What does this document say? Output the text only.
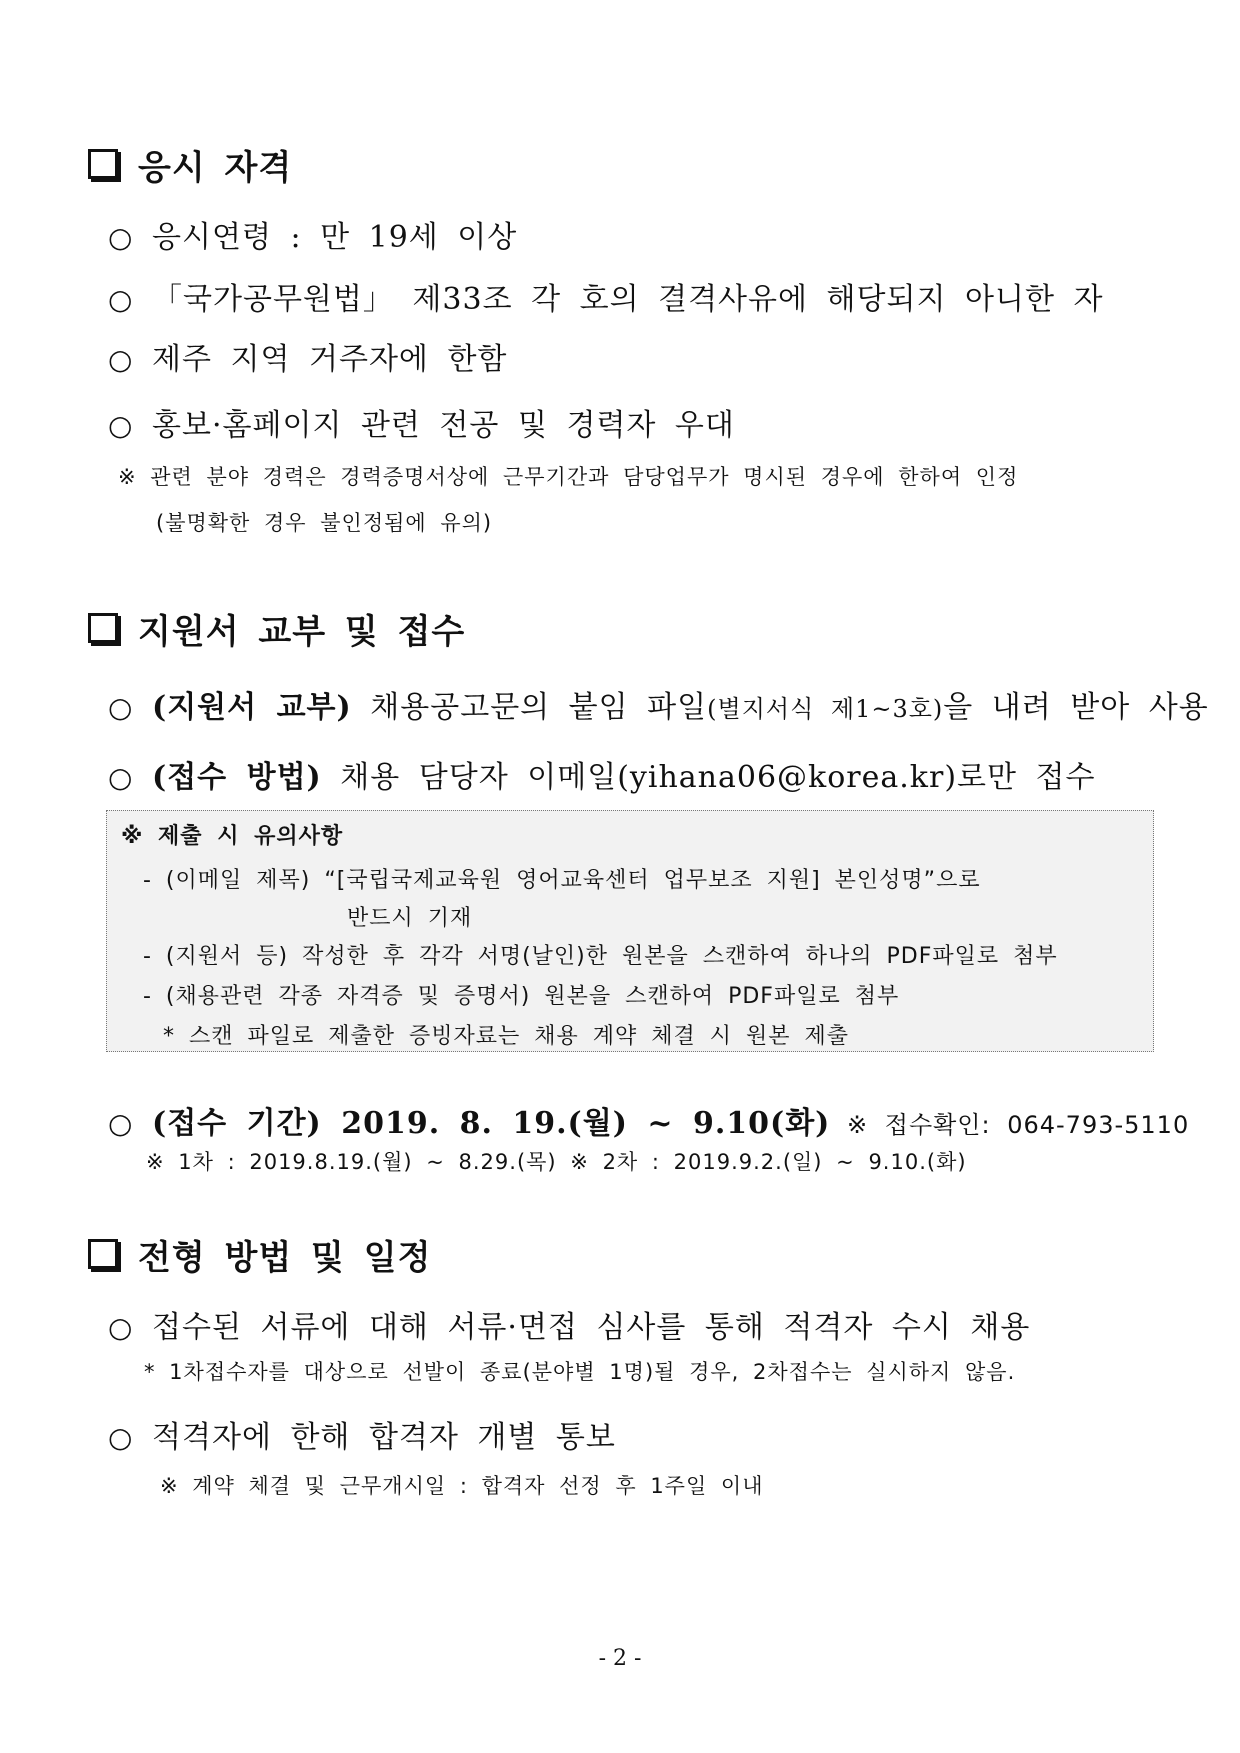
응시 자격
○ 응시연령 : 만 19세 이상
○ 「국가공무원법」 제33조 각 호의 결격사유에 해당되지 아니한 자
○ 제주 지역 거주자에 한함
○ 홍보·홈페이지 관련 전공 및 경력자 우대
※ 관련 분야 경력은 경력증명서상에 근무기간과 담당업무가 명시된 경우에 한하여 인정
(불명확한 경우 불인정됨에 유의)
지원서 교부 및 접수
○ (지원서 교부) 채용공고문의 붙임 파일(별지서식 제1~3호)을 내려 받아 사용
○ (접수 방법) 채용 담당자 이메일(yihana06@korea.kr)로만 접수
※ 제출 시 유의사항
- (이메일 제목) “[국립국제교육원 영어교육센터 업무보조 지원] 본인성명”으로
반드시 기재
- (지원서 등) 작성한 후 각각 서명(날인)한 원본을 스캔하여 하나의 PDF파일로 첨부
- (채용관련 각종 자격증 및 증명서) 원본을 스캔하여 PDF파일로 첨부
* 스캔 파일로 제출한 증빙자료는 채용 계약 체결 시 원본 제출
○ (접수 기간) 2019. 8. 19.(월) ~ 9.10(화) ※ 접수확인: 064-793-5110
※ 1차 : 2019.8.19.(월) ~ 8.29.(목) ※ 2차 : 2019.9.2.(일) ~ 9.10.(화)
전형 방법 및 일정
○ 접수된 서류에 대해 서류·면접 심사를 통해 적격자 수시 채용
* 1차접수자를 대상으로 선발이 종료(분야별 1명)될 경우, 2차접수는 실시하지 않음.
○ 적격자에 한해 합격자 개별 통보
※ 계약 체결 및 근무개시일 : 합격자 선정 후 1주일 이내
- 2 -
